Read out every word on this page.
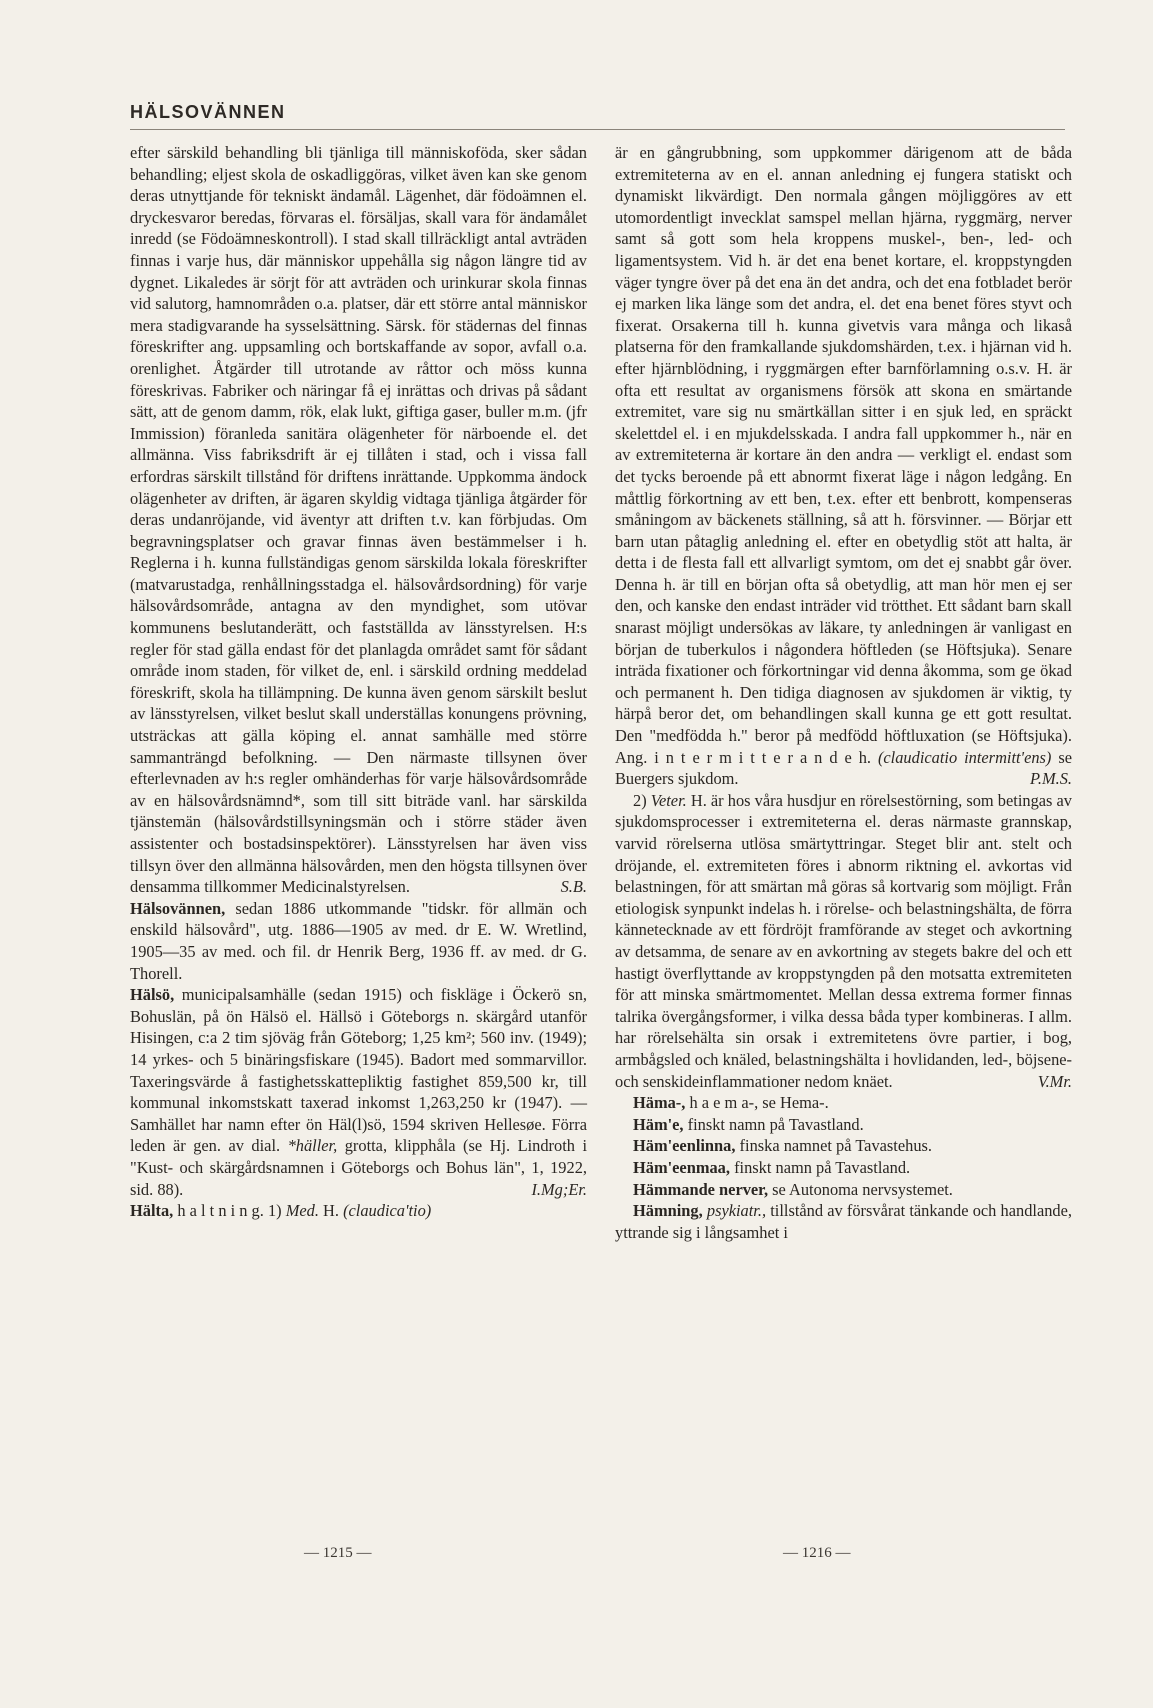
HÄLSOVÄNNEN

efter särskild behandling bli tjänliga till människoföda, sker sådan behandling; eljest skola de oskadliggöras, vilket även kan ske genom deras utnyttjande för tekniskt ändamål. Lägenhet, där födoämnen el. dryckesvaror beredas, förvaras el. försäljas, skall vara för ändamålet inredd (se Födoämneskontroll). I stad skall tillräckligt antal avträden finnas i varje hus, där människor uppehålla sig någon längre tid av dygnet. Likaledes är sörjt för att avträden och urinkurar skola finnas vid salutorg, hamnområden o.a. platser, där ett större antal människor mera stadigvarande ha sysselsättning. Särsk. för städernas del finnas föreskrifter ang. uppsamling och bortskaffande av sopor, avfall o.a. orenlighet. Åtgärder till utrotande av råttor och möss kunna föreskrivas. Fabriker och näringar få ej inrättas och drivas på sådant sätt, att de genom damm, rök, elak lukt, giftiga gaser, buller m.m. (jfr Immission) föranleda sanitära olägenheter för närboende el. det allmänna. Viss fabriksdrift är ej tillåten i stad, och i vissa fall erfordras särskilt tillstånd för driftens inrättande. Uppkomma ändock olägenheter av driften, är ägaren skyldig vidtaga tjänliga åtgärder för deras undanröjande, vid äventyr att driften t.v. kan förbjudas. Om begravningsplatser och gravar finnas även bestämmelser i h. Reglerna i h. kunna fullständigas genom särskilda lokala föreskrifter (matvarustadga, renhållningsstadga el. hälsovårdsordning) för varje hälsovårdsområde, antagna av den myndighet, som utövar kommunens beslutanderätt, och fastställda av länsstyrelsen. H:s regler för stad gälla endast för det planlagda området samt för sådant område inom staden, för vilket de, enl. i särskild ordning meddelad föreskrift, skola ha tillämpning. De kunna även genom särskilt beslut av länsstyrelsen, vilket beslut skall underställas konungens prövning, utsträckas att gälla köping el. annat samhälle med större sammanträngd befolkning. — Den närmaste tillsynen över efterlevnaden av h:s regler omhänderhas för varje hälsovårdsområde av en hälsovårdsnämnd*, som till sitt biträde vanl. har särskilda tjänstemän (hälsovårdstillsyningsmän och i större städer även assistenter och bostadsinspektörer). Länsstyrelsen har även viss tillsyn över den allmänna hälsovården, men den högsta tillsynen över densamma tillkommer Medicinalstyrelsen.	S.B.

Hälsovännen, sedan 1886 utkommande "tidskr. för allmän och enskild hälsovård", utg. 1886—1905 av med. dr E. W. Wretlind, 1905—35 av med. och fil. dr Henrik Berg, 1936 ff. av med. dr G. Thorell.

Hälsö, municipalsamhälle (sedan 1915) och fiskläge i Öckerö sn, Bohuslän, på ön Hälsö el. Hällsö i Göteborgs n. skärgård utanför Hisingen, c:a 2 tim sjöväg från Göteborg; 1,25 km²; 560 inv. (1949); 14 yrkes- och 5 binäringsfiskare (1945). Badort med sommarvillor. Taxeringsvärde å fastighetsskattepliktig fastighet 859,500 kr, till kommunal inkomstskatt taxerad inkomst 1,263,250 kr (1947). — Samhället har namn efter ön Häl(l)sö, 1594 skriven Hellesøe. Förra leden är gen. av dial. *häller, grotta, klipphåla (se Hj. Lindroth i "Kust- och skärgårdsnamnen i Göteborgs och Bohus län", 1, 1922, sid. 88).	I.Mg;Er.

Hälta, h a l t n i n g. 1) Med. H. (claudica'tio)

är en gångrubbning, som uppkommer därigenom att de båda extremiteterna av en el. annan anledning ej fungera statiskt och dynamiskt likvärdigt. Den normala gången möjliggöres av ett utomordentligt invecklat samspel mellan hjärna, ryggmärg, nerver samt så gott som hela kroppens muskel-, ben-, led- och ligamentsystem. Vid h. är det ena benet kortare, el. kroppstyngden väger tyngre över på det ena än det andra, och det ena fotbladet berör ej marken lika länge som det andra, el. det ena benet föres styvt och fixerat. Orsakerna till h. kunna givetvis vara många och likaså platserna för den framkallande sjukdomshärden, t.ex. i hjärnan vid h. efter hjärnblödning, i ryggmärgen efter barnförlamning o.s.v. H. är ofta ett resultat av organismens försök att skona en smärtande extremitet, vare sig nu smärtkällan sitter i en sjuk led, en spräckt skelettdel el. i en mjukdelsskada. I andra fall uppkommer h., när en av extremiteterna är kortare än den andra — verkligt el. endast som det tycks beroende på ett abnormt fixerat läge i någon ledgång. En måttlig förkortning av ett ben, t.ex. efter ett benbrott, kompenseras småningom av bäckenets ställning, så att h. försvinner. — Börjar ett barn utan påtaglig anledning el. efter en obetydlig stöt att halta, är detta i de flesta fall ett allvarligt symtom, om det ej snabbt går över. Denna h. är till en början ofta så obetydlig, att man hör men ej ser den, och kanske den endast inträder vid trötthet. Ett sådant barn skall snarast möjligt undersökas av läkare, ty anledningen är vanligast en början de tuberkulos i någondera höftleden (se Höftsjuka). Senare inträda fixationer och förkortningar vid denna åkomma, som ge ökad och permanent h. Den tidiga diagnosen av sjukdomen är viktig, ty härpå beror det, om behandlingen skall kunna ge ett gott resultat. Den "medfödda h." beror på medfödd höftluxation (se Höftsjuka). Ang. i n t e r m i t t e r a n d e h. (claudicatio intermitt'ens) se Buergers sjukdom.	P.M.S.

2) Veter. H. är hos våra husdjur en rörelsestörning, som betingas av sjukdomsprocesser i extremiteterna el. deras närmaste grannskap, varvid rörelserna utlösa smärtyttringar. Steget blir ant. stelt och dröjande, el. extremiteten föres i abnorm riktning el. avkortas vid belastningen, för att smärtan må göras så kortvarig som möjligt. Från etiologisk synpunkt indelas h. i rörelse- och belastningshälta, de förra kännetecknade av ett fördröjt framförande av steget och avkortning av detsamma, de senare av en avkortning av stegets bakre del och ett hastigt överflyttande av kroppstyngden på den motsatta extremiteten för att minska smärtmomentet. Mellan dessa extrema former finnas talrika övergångsformer, i vilka dessa båda typer kombineras. I allm. har rörelsehälta sin orsak i extremitetens övre partier, i bog, armbågsled och knäled, belastningshälta i hovlidanden, led-, böjsene- och senskideinflammationer nedom knäet.	V.Mr.

Häma-, h a e m a-, se Hema-.

Häm'e, finskt namn på Tavastland.

Häm'eenlinna, finska namnet på Tavastehus.

Häm'eenmaa, finskt namn på Tavastland.

Hämmande nerver, se Autonoma nervsystemet.

Hämning, psykiatr., tillstånd av försvårat tänkande och handlande, yttrande sig i långsamhet i

— 1215 —	— 1216 —
